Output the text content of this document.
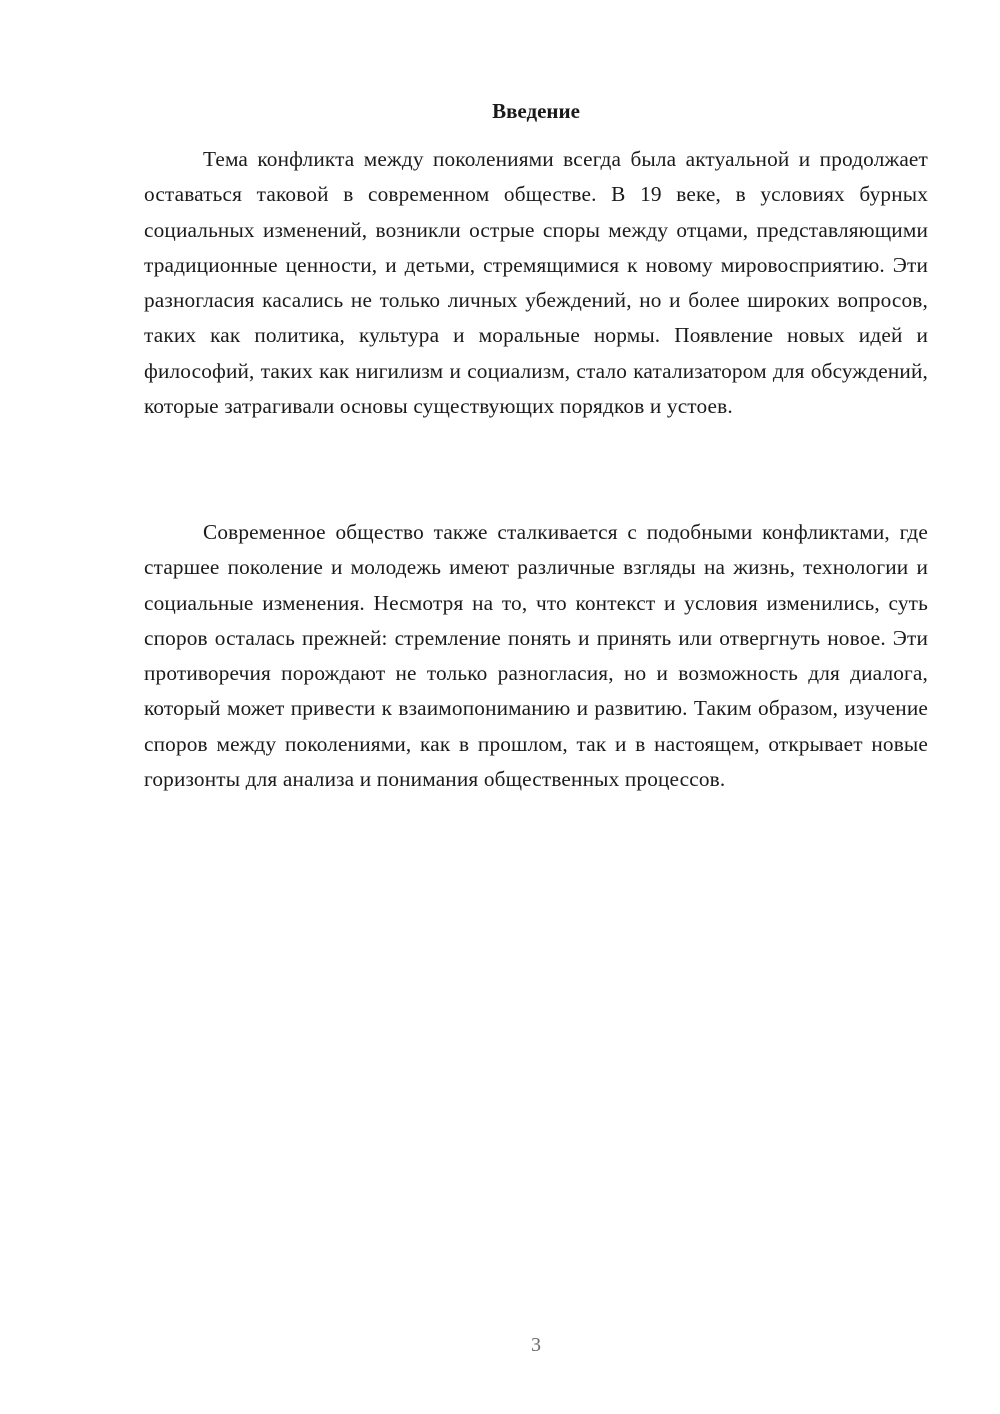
Введение

Тема конфликта между поколениями всегда была актуальной и продолжает оставаться таковой в современном обществе. В 19 веке, в условиях бурных социальных изменений, возникли острые споры между отцами, представляющими традиционные ценности, и детьми, стремящимися к новому мировосприятию. Эти разногласия касались не только личных убеждений, но и более широких вопросов, таких как политика, культура и моральные нормы. Появление новых идей и философий, таких как нигилизм и социализм, стало катализатором для обсуждений, которые затрагивали основы существующих порядков и устоев.

Современное общество также сталкивается с подобными конфликтами, где старшее поколение и молодежь имеют различные взгляды на жизнь, технологии и социальные изменения. Несмотря на то, что контекст и условия изменились, суть споров осталась прежней: стремление понять и принять или отвергнуть новое. Эти противоречия порождают не только разногласия, но и возможность для диалога, который может привести к взаимопониманию и развитию. Таким образом, изучение споров между поколениями, как в прошлом, так и в настоящем, открывает новые горизонты для анализа и понимания общественных процессов.

3
